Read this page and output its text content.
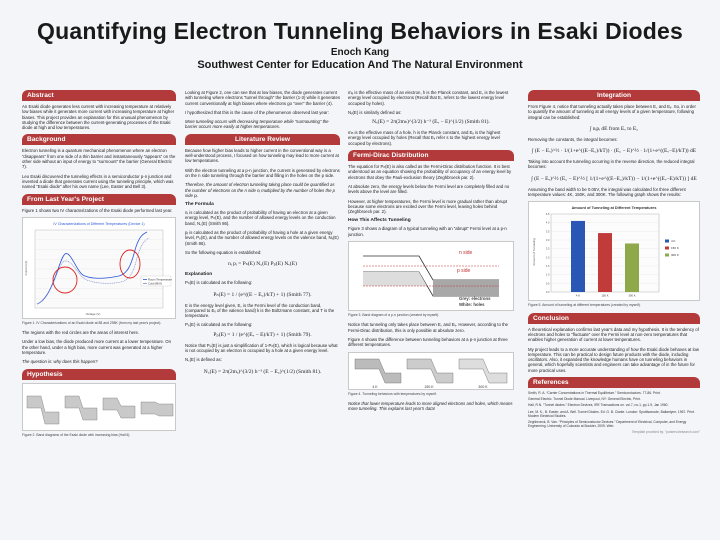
Quantifying Electron Tunneling Behaviors in Esaki Diodes
Enoch Kang
Southwest Center for Education And The Natural Environment
Abstract

An Esaki diode generates less current with increasing temperature at relatively low biases while it generates more current with increasing temperature at higher biases. This project provides an explanation for this unusual phenomenon by studying the difference between the current-generating processes of the Esaki diode at high and low temperatures.

Background

Electron tunneling is a quantum mechanical phenomenon where an electron “disappears” from one side of a thin barrier and instantaneously “appears” on the other side without an input of energy to “surmount” the barrier (General Electric 7).

Leo Esaki discovered the tunneling effects in a semiconductor p-n junction and invented a diode that generates current using the tunneling principle, which was named “Esaki diode” after his own name (Lee, Easter and Bell 3).

From Last Year's Project

Figure 1 shows two IV characterizations of the Esaki diode performed last year.

IV Characterizations of Different Temperatures (Device 1)
Room Temperature
Cold (88 K)
Voltage (V)
Current (A)
Figure 1. IV Characterizations of an Esaki diode at 88 and 298K (from my last year's project).

The regions with the red circles are the areas of interest here.

Under a low bias, the diode produced more current at a lower temperature. On the other hand, under a high bias, more current was generated at a higher temperature.

The question is: why does this happen?

Hypothesis
Figure 2. Band diagrams of the Esaki diode with increasing bias (Hall 6).

Looking at Figure 2, one can see that at low biases, the diode generates current with tunneling where electrons “tunnel through” the barrier (1-3) while it generates current conventionally at high biases where electrons go “over” the barrier (4).

I hypothesized that this is the cause of the phenomenon observed last year:

More tunneling occurs with decreasing temperature while “surmounting” the barrier occurs more easily at higher temperatures.

Literature Review

Because how higher bias leads to higher current in the conventional way is a well-understood process, I focused on how tunneling may lead to more current at low temperatures.

With the electron tunneling at a p-n junction, the current is generated by electrons on the n side tunneling through the barrier and filling in the holes on the p side.

Therefore, the amount of electron tunneling taking place could be quantified as the number of electrons on the n side nᵢ multiplied by the number of holes the p side pᵢ.

The Formula

nᵢ is calculated as the product of probability of having an electron at a given energy level, Pₙ(E), and the number of allowed energy levels on the conduction band, N꜀(E) (Smith 86).

pᵢ is calculated as the product of probability of having a hole at a given energy level, Pₚ(E), and the number of allowed energy levels on the valence band, Nᵥ(E) (Smith 86).

So the following equation is established:

nᵢ pᵢ = Pₙ(E) N꜀(E) Pₚ(E) Nᵥ(E)
Explanation

Pₙ(E) is calculated as the following:

Pₙ(E) = 1 / (e^((E − E꜀)/kT) + 1) (Smith 77).

E is the energy level given, E꜀ is the Fermi level of the conduction band, (compared to Eᵥ of the valence band) k is the Boltzmann constant, and T is the temperature.

Pₚ(E) is calculated as the following:

Pₚ(E) = 1 / (e^((Eᵥ − E)/kT) + 1) (Smith 79).

Notice that Pₚ(E) is just a simplification of 1-Pₙ(E), which is logical because what is not occupied by an electron is occupied by a hole at a given energy level.

N꜀(E) is defined as:

N꜀(E) = 2π(2mₑ)^(3/2) h⁻³ (E − E꜀)^(1/2) (Smith 81).

mₑ is the effective mass of an electron, h is the Planck constant, and E꜀ is the lowest energy level occupied by electrons (Recall that E꜀ refers to the lowest energy level occupied by holes).

Nᵥ(E) is similarly defined as:

Nᵥ(E) = 2π(2mₕ)^(3/2) h⁻³ (Eᵥ − E)^(1/2) (Smith 81).

mₕ is the effective mass of a hole, h is the Planck constant, and Eᵥ is the highest energy level occupied by holes (Recall that Eᵥ refer s to the highest energy level occupied by electrons).

Fermi-Dirac Distribution

The equation for Pₙ(E) is also called as the Fermi-Dirac distribution function. It is best understood as an equation showing the probability of occupancy of an energy level by electrons that obey the Pauli-exclusion theory (Zeghbroeck par. 2).

At absolute zero, the energy levels below the Fermi level are completely filled and no levels above the level are filled.

However, at higher temperatures, the Fermi level is more gradual rather than abrupt because some electrons are excited over the Fermi level, leaving holes behind (Zeghbroeck par. 2).

How This Affects Tunneling

Figure 3 shows a diagram of a typical tunneling with an “abrupt” Fermi level at a p-n junction.

n side
p side
Grey: electrons
White: holes
Figure 3. Band diagram of a p-n junction (created by myself).

Notice that tunneling only takes place between E꜀ and Eᵥ. However, according to the Fermi-Dirac distribution, this is only possible at absolute zero.

Figure 4 shows the difference between tunneling behaviors at a p-n junction at three different temperatures.

4 K	150 K	300 K
Figure 4. Tunneling behaviors with temperatures by myself.

Notice that lower temperature leads to more aligned electrons and holes, which means more tunneling. This explains last year's data!

Integration

From Figure 4, notice that tunneling actually takes place between E꜀ and Eᵥ. So, in order to quantify the amount of tunneling at all energy levels of a given temperature, following integral can be established:

∫ nᵢpᵢ dE from Eᵥ to E꜀

Removing the constants, the integral becomes:

∫ (E − Eᵥ)^½ · 1/(1+e^((E−E꜀)/kT)) · (E꜀ − E)^½ · 1/(1+e^((Eᵥ−E)/kT)) dE

Taking into account the tunneling occurring in the reverse direction, the reduced integral becomes:

∫ (E − Eᵥ)^½ (E꜀ − E)^½ [ 1/(1+e^((E−E꜀)/kT)) − 1/(1+e^((Eᵥ−E)/kT)) ] dE

Assuming the band width to be 0.05V, the integral was calculated for three different temperature values: 4K, 150K, and 300K. The following graph shows the results:

Amount of Tunneling at Different Temperatures
0.0
0.5
1.0
1.5
2.0
2.5
3.0
3.5
4.0
4.5
4 K	150 K	300 K
4 K
150 K
300 K
Amount of Tunneling
Figure 5. Amount of tunneling at different temperatures (created by myself).
Conclusion

A theoretical explanation confirms last year's data and my hypothesis. It is the tendency of electrons and holes to “fluctuate” over the Fermi level at non-zero temperatures that enables higher generation of current at lower temperatures.

My project leads to a more accurate understanding of how the Esaki diode behaves at low temperature. This can be practical to design future products with the diode, including oscillators. Also, it expanded the knowledge humans have on tunneling behaviors in general, which hopefully scientists and engineers can take advantage of in the future for more practical uses.

References
Smith, R. A. “Carrier Concentrations in Thermal Equilibrium.” Semiconductors. 77-86. Print.
General Electric. Tunnel Diode Manual. Liverpool, NY: General Electric, Print.
Hall, R.N. “Tunnel diodes.” Electron Devices, IRE Transactions on. vol.7, no.1, pp.1-9, Jan 1960.
Lee, M. K., B. Easter, and A. Bell. Tunnel Diodes. Ed. G. B. Clarke. London: Spottiswoode, Ballantyne, 1967. Print. Modern Electrical Studies.
Zeghbroeck, B. Van. “Principles of Semiconductor Devices.” Department of Electrical, Computer, and Energy Engineering. University of Colorado at Boulder, 2009. Web.
Template provided by: "posters4research.com"
